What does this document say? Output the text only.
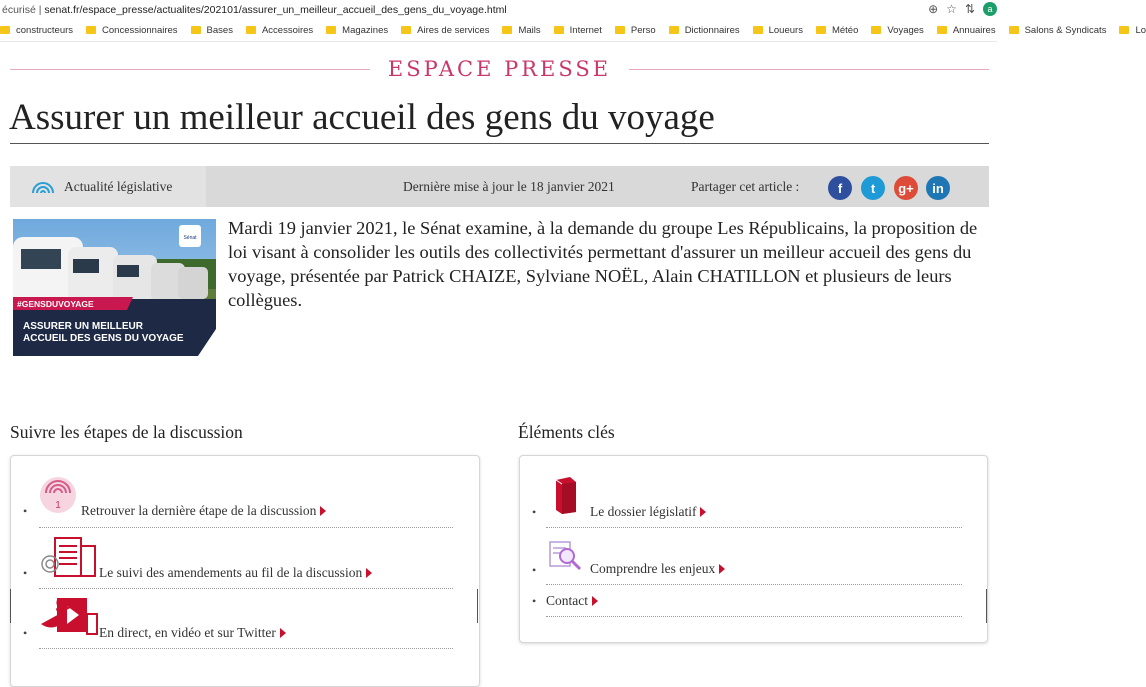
écurisé | senat.fr/espace_presse/actualites/202101/assurer_un_meilleur_accueil_des_gens_du_voyage.html	⊕ ☆ ⇅	a
constructeurs	Concessionnaires	Bases	Accessoires	Magazines	Aires de services	Mails	Internet	Perso	Dictionnaires	Loueurs	Météo	Voyages	Annuaires	Salons & Syndicats	Lo
ESPACE PRESSE
Assurer un meilleur accueil des gens du voyage
Actualité législative	Dernière mise à jour le 18 janvier 2021	Partager cet article :	f	t	g+	in
Sénat
#GENSDUVOYAGE
ASSURER UN MEILLEUR
ACCUEIL DES GENS DU VOYAGE

Mardi 19 janvier 2021, le Sénat examine, à la demande du groupe Les Républicains, la proposition de loi visant à consolider les outils des collectivités permettant d'assurer un meilleur accueil des gens du voyage, présentée par Patrick CHAIZE, Sylviane NOËL, Alain CHATILLON et plusieurs de leurs collègues.

Suivre les étapes de la discussion
1
•	Retrouver la dernière étape de la discussion
•	Le suivi des amendements au fil de la discussion
•	En direct, en vidéo et sur Twitter
Éléments clés
•	Le dossier législatif
•	Comprendre les enjeux
• Contact
